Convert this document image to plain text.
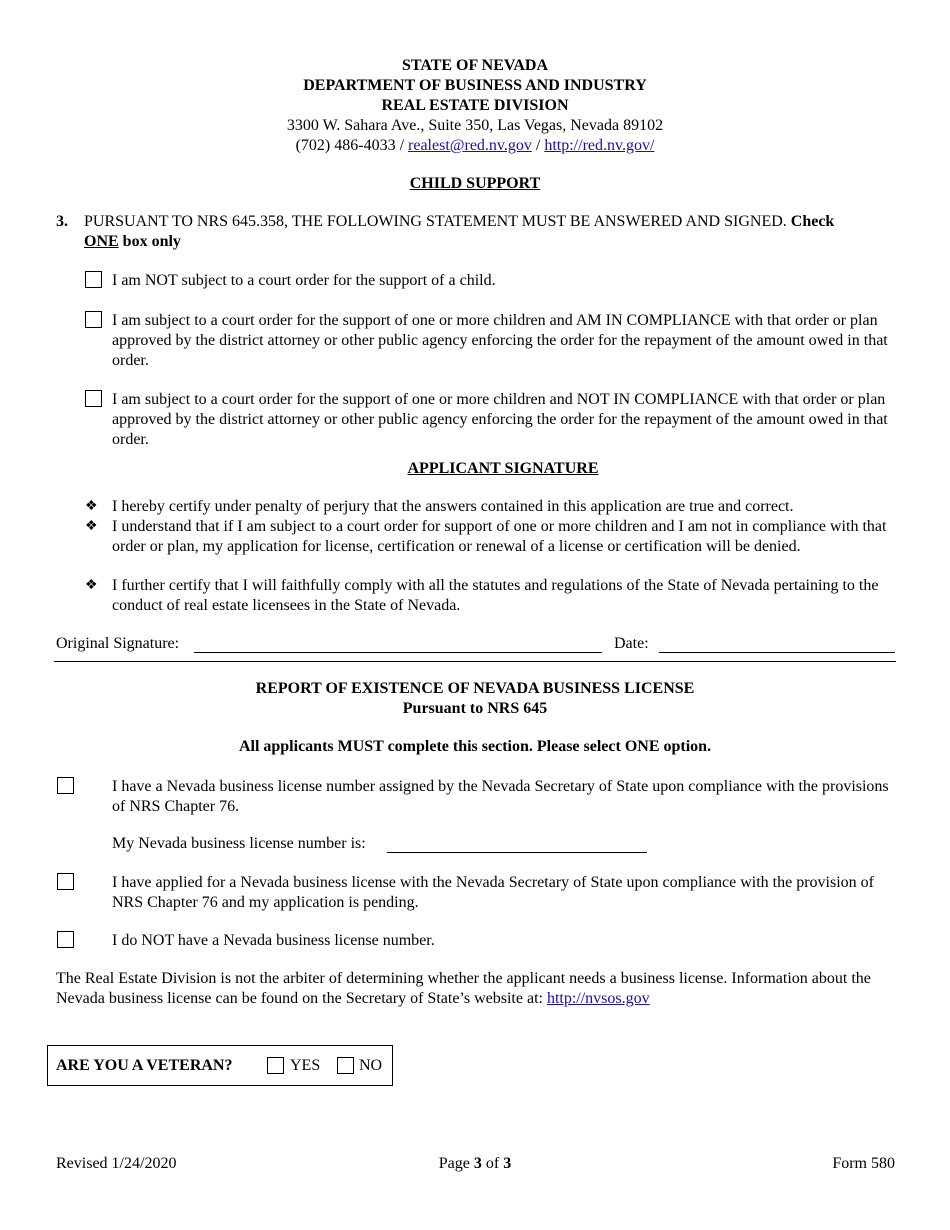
STATE OF NEVADA
DEPARTMENT OF BUSINESS AND INDUSTRY
REAL ESTATE DIVISION
3300 W. Sahara Ave., Suite 350, Las Vegas, Nevada 89102
(702) 486-4033 / realest@red.nv.gov / http://red.nv.gov/
CHILD SUPPORT
3. PURSUANT TO NRS 645.358, THE FOLLOWING STATEMENT MUST BE ANSWERED AND SIGNED. Check
ONE box only
I am NOT subject to a court order for the support of a child.
I am subject to a court order for the support of one or more children and AM IN COMPLIANCE with that order or plan approved by the district attorney or other public agency enforcing the order for the repayment of the amount owed in that order.
I am subject to a court order for the support of one or more children and NOT IN COMPLIANCE with that order or plan approved by the district attorney or other public agency enforcing the order for the repayment of the amount owed in that order.
APPLICANT SIGNATURE
❖ I hereby certify under penalty of perjury that the answers contained in this application are true and correct.
❖ I understand that if I am subject to a court order for support of one or more children and I am not in compliance with that order or plan, my application for license, certification or renewal of a license or certification will be denied.
❖ I further certify that I will faithfully comply with all the statutes and regulations of the State of Nevada pertaining to the conduct of real estate licensees in the State of Nevada.
Original Signature:	Date:
REPORT OF EXISTENCE OF NEVADA BUSINESS LICENSE
Pursuant to NRS 645
All applicants MUST complete this section. Please select ONE option.
I have a Nevada business license number assigned by the Nevada Secretary of State upon compliance with the provisions of NRS Chapter 76.
My Nevada business license number is:
I have applied for a Nevada business license with the Nevada Secretary of State upon compliance with the provision of NRS Chapter 76 and my application is pending.
I do NOT have a Nevada business license number.
The Real Estate Division is not the arbiter of determining whether the applicant needs a business license. Information about the Nevada business license can be found on the Secretary of State’s website at: http://nvsos.gov
ARE YOU A VETERAN?	YES NO
Revised 1/24/2020	Page 3 of 3	Form 580
